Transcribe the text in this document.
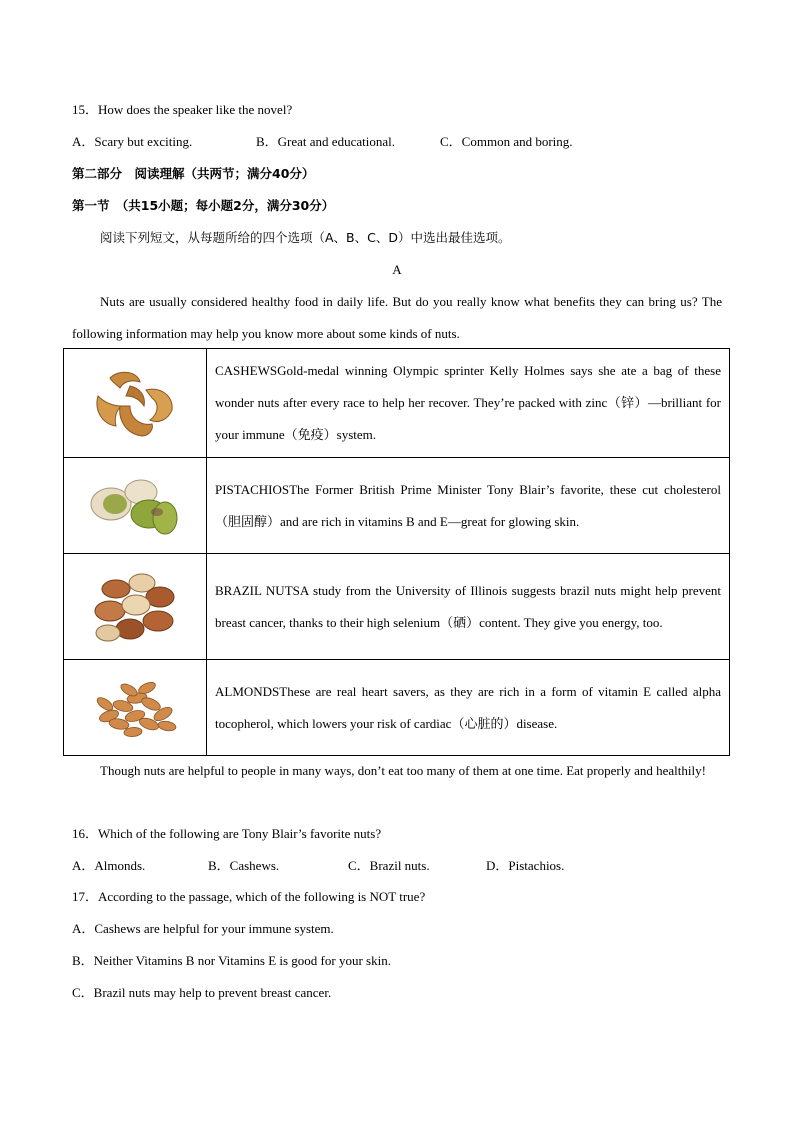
15．How does the speaker like the novel?
A．Scary but exciting.	B．Great and educational.	C．Common and boring.
第二部分　阅读理解（共两节；满分40分）
第一节　（共15小题；每小题2分，满分30分）
阅读下列短文，从每题所给的四个选项（A、B、C、D）中选出最佳选项。
A
Nuts are usually considered healthy food in daily life. But do you really know what benefits they can bring us? The following information may help you know more about some kinds of nuts.
	CASHEWSGold-medal winning Olympic sprinter Kelly Holmes says she ate a bag of these wonder nuts after every race to help her recover. They’re packed with zinc（锌）—brilliant for your immune（免疫）system.

	PISTACHIOSThe Former British Prime Minister Tony Blair’s favorite, these cut cholesterol（胆固醇）and are rich in vitamins B and E—great for glowing skin.

	BRAZIL NUTSA study from the University of Illinois suggests brazil nuts might help prevent breast cancer, thanks to their high selenium（硒）content. They give you energy, too.

	ALMONDSThese are real heart savers, as they are rich in a form of vitamin E called alpha tocopherol, which lowers your risk of cardiac（心脏的）disease.
Though nuts are helpful to people in many ways, don’t eat too many of them at one time. Eat properly and healthily!
16．Which of the following are Tony Blair’s favorite nuts?
A．Almonds.	B．Cashews.	C．Brazil nuts.	D．Pistachios.
17．According to the passage, which of the following is NOT true?
A．Cashews are helpful for your immune system.
B．Neither Vitamins B nor Vitamins E is good for your skin.
C．Brazil nuts may help to prevent breast cancer.
